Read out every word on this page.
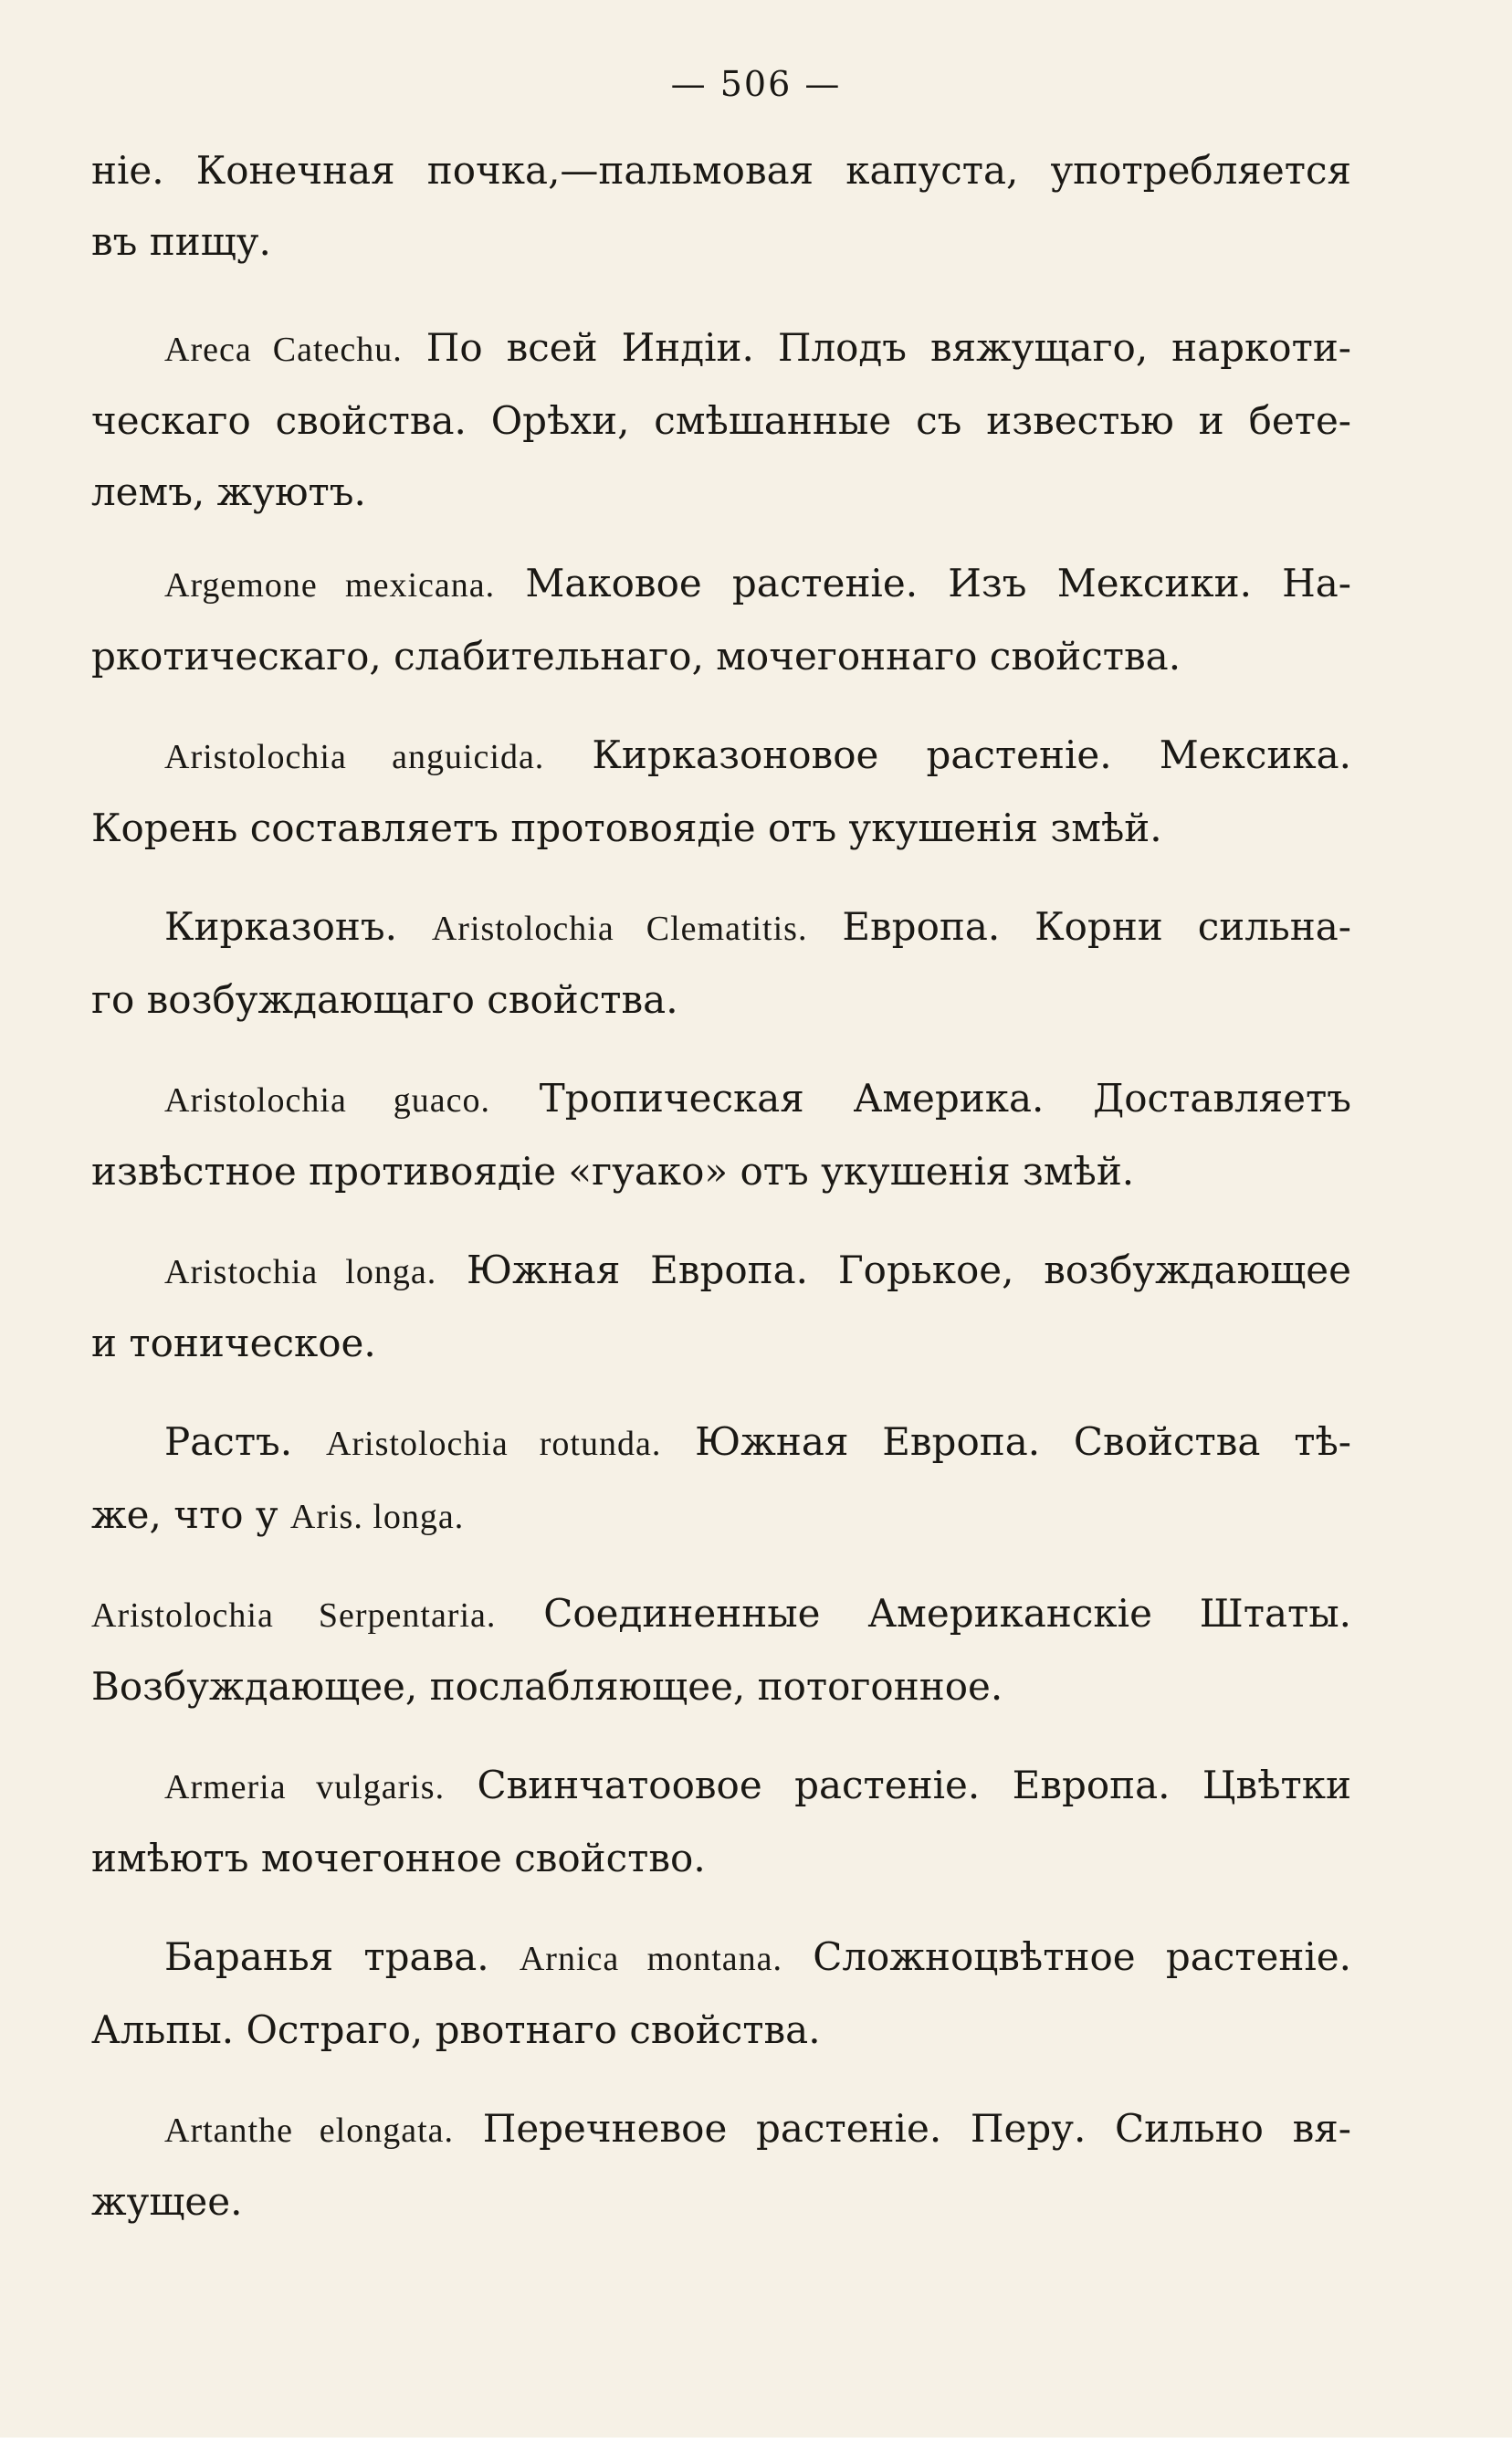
— 506 —
ніе. Конечная почка,—пальмовая капуста, употребляется
въ пищу.
Areca Catechu. По всей Индіи. Плодъ вяжущаго, наркоти-
ческаго свойства. Орѣхи, смѣшанные съ известью и бете-
лемъ, жуютъ.
Argemone mexicana. Маковое растеніе. Изъ Мексики. На-
ркотическаго, слабительнаго, мочегоннаго свойства.
Aristolochia anguicida. Кирказоновое растеніе. Мексика.
Корень составляетъ протовоядіе отъ укушенія змѣй.
Кирказонъ. Aristolochia Clematitis. Европа. Корни сильна-
го возбуждающаго свойства.
Aristolochia guaco. Тропическая Америка. Доставляетъ
извѣстное противоядіе «гуако» отъ укушенія змѣй.
Aristochia longa. Южная Европа. Горькое, возбуждающее
и тоническое.
Растъ. Aristolochia rotunda. Южная Европа. Свойства тѣ-
же, что у Aris. longa.
Aristolochia Serpentaria. Соединенные Американскіе Штаты.
Возбуждающее, послабляющее, потогонное.
Armeria vulgaris. Свинчатоовое растеніе. Европа. Цвѣтки
имѣютъ мочегонное свойство.
Баранья трава. Arnica montana. Сложноцвѣтное растеніе.
Альпы. Остраго, рвотнаго свойства.
Artanthe elongata. Перечневое растеніе. Перу. Сильно вя-
жущее.
